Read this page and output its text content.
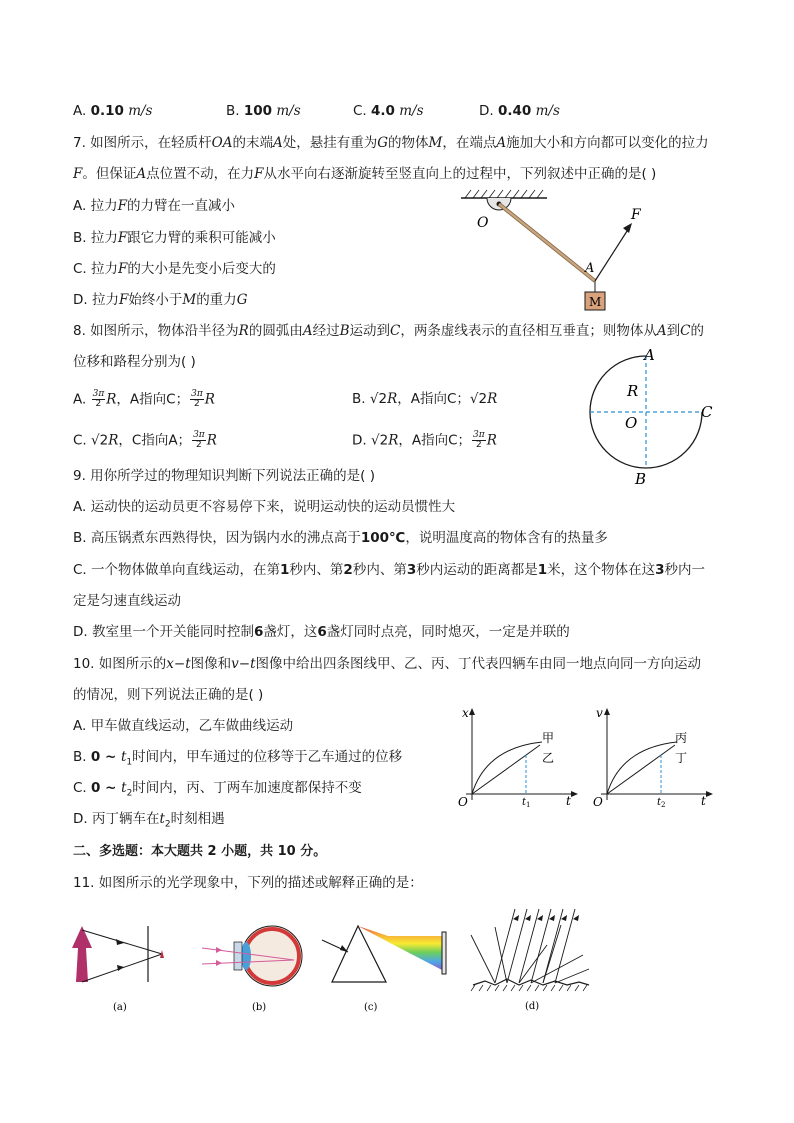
A. 0.10 m/s	B. 100 m/s	C. 4.0 m/s	D. 0.40 m/s
7. 如图所示，在轻质杆OA的末端A处，悬挂有重为G的物体M，在端点A施加大小和方向都可以变化的拉力
F。但保证A点位置不动，在力F从水平向右逐渐旋转至竖直向上的过程中，下列叙述中正确的是( )
A. 拉力F的力臂在一直减小
B. 拉力F跟它力臂的乘积可能减小
C. 拉力F的大小是先变小后变大的
D. 拉力F始终小于M的重力G
O
A
F
M
8. 如图所示，物体沿半径为R的圆弧由A经过B运动到C，两条虚线表示的直径相互垂直；则物体从A到C的
位移和路程分别为( )
A. $\frac{3\pi}{2}$ R，A指向C； $\frac{3\pi}{2}$ R	B. √2R，A指向C；√2R
C. √2R，C指向A； $\frac{3\pi}{2}$ R	D. √2R，A指向C； $\frac{3\pi}{2}$ R
A
R
O
C
B
9. 用你所学过的物理知识判断下列说法正确的是( )
A. 运动快的运动员更不容易停下来，说明运动快的运动员惯性大
B. 高压锅煮东西熟得快，因为锅内水的沸点高于100℃，说明温度高的物体含有的热量多
C. 一个物体做单向直线运动，在第1秒内、第2秒内、第3秒内运动的距离都是1米，这个物体在这3秒内一
定是匀速直线运动
D. 教室里一个开关能同时控制6盏灯，这6盏灯同时点亮，同时熄灭，一定是并联的
10. 如图所示的x−t图像和v−t图像中给出四条图线甲、乙、丙、丁代表四辆车由同一地点向同一方向运动
的情况，则下列说法正确的是( )
A. 甲车做直线运动，乙车做曲线运动
B. 0 ~ $t_1$时间内，甲车通过的位移等于乙车通过的位移
C. 0 ~ $t_2$时间内，丙、丁两车加速度都保持不变
D. 丙丁辆车在$t_2$时刻相遇
x
t
O
甲
乙
$t_1$
v
t
O
丙
丁
$t_2$
二、多选题：本大题共 2 小题，共 10 分。
11. 如图所示的光学现象中，下列的描述或解释正确的是：
(a)	(b)	(c)	(d)
